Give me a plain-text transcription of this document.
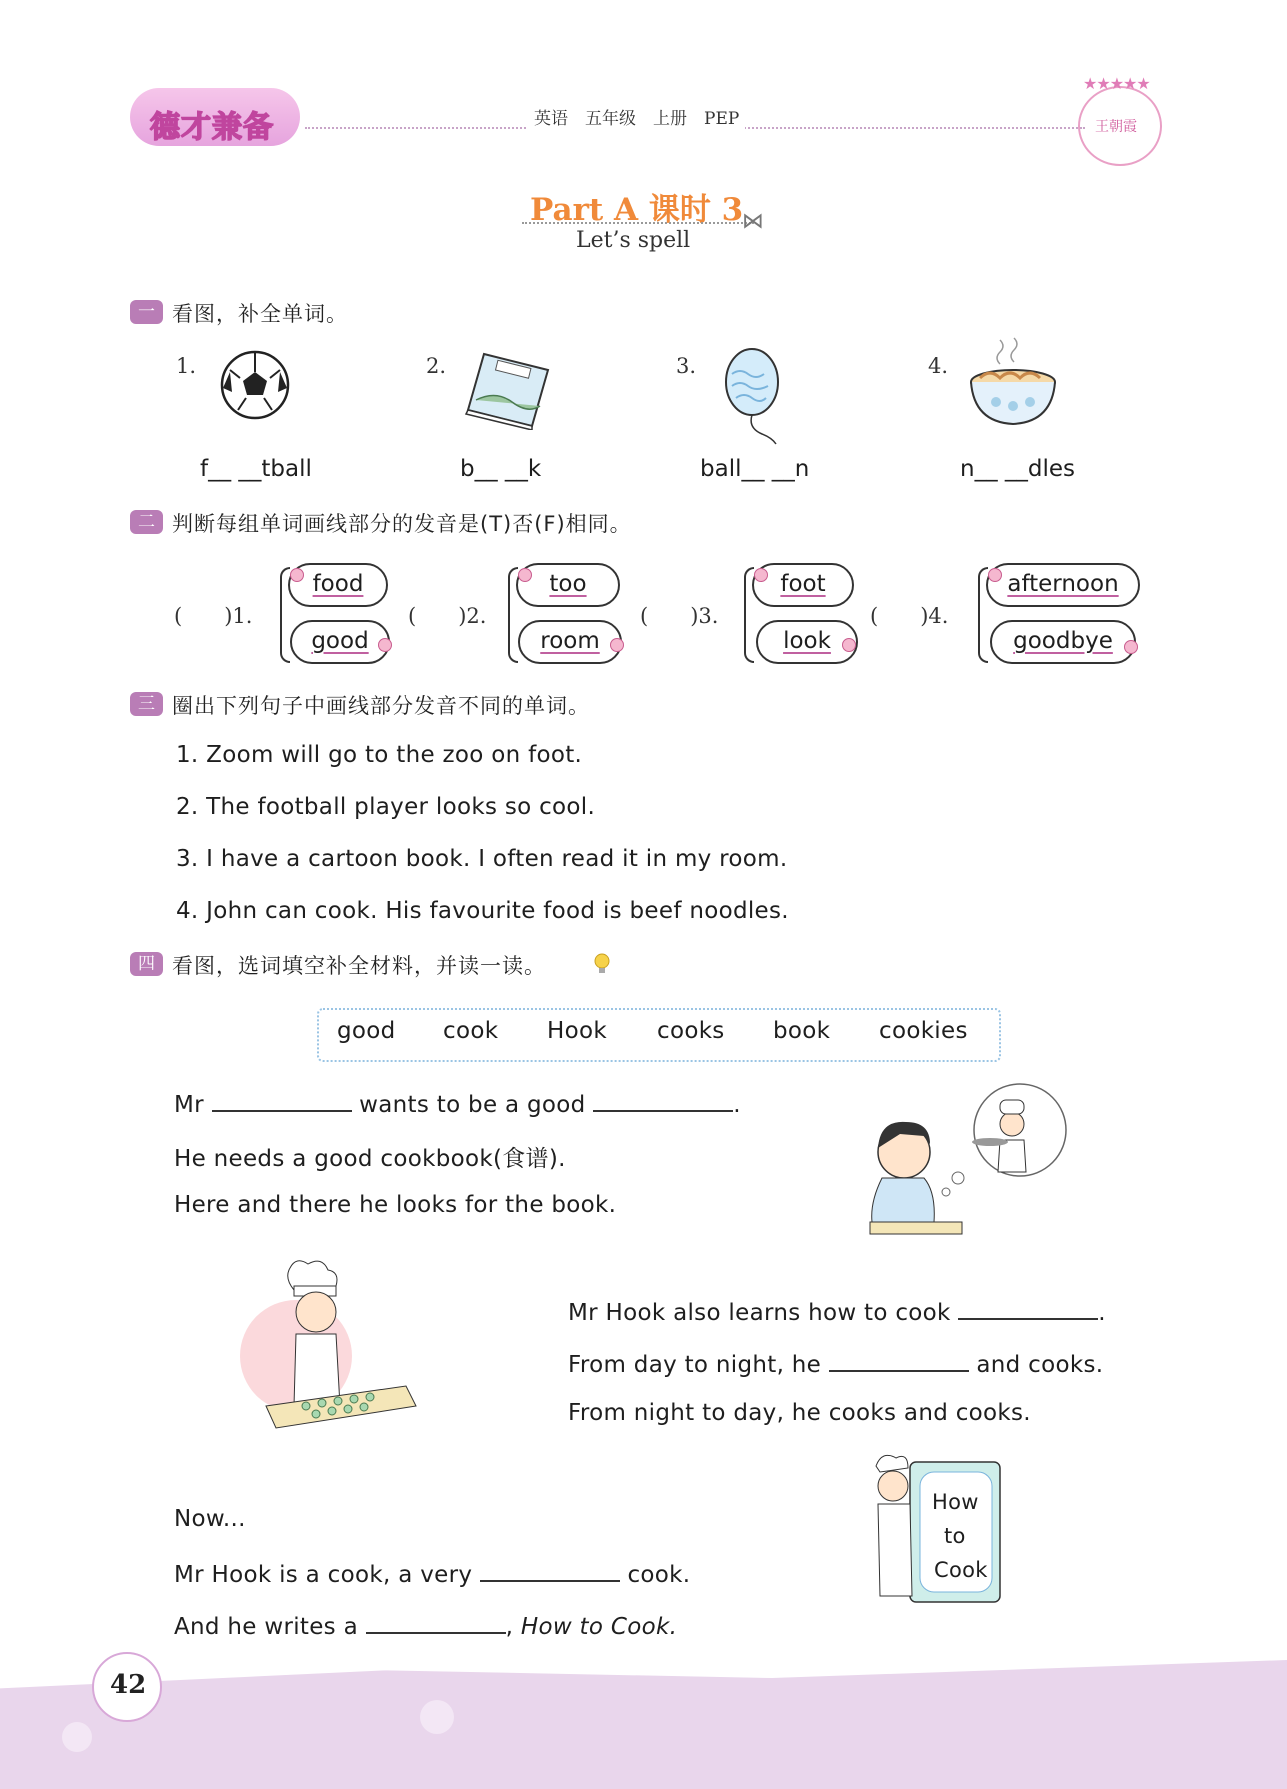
德才兼备	英语　五年级　上册　PEP
★★★★★
王朝霞
Part A 课时 3
⋈
Let’s spell
一 看图，补全单词。
1.
f__ __tball
2.
b__ __k
3.
ball__ __n
4.
n__ __dles
二 判断每组单词画线部分的发音是(T)否(F)相同。
(　　)1.
food
good
(　　)2.
too
room
(　　)3.
foot
look
(　　)4.
afternoon
goodbye
三 圈出下列句子中画线部分发音不同的单词。
1. Zoom will go to the zoo on foot.
2. The football player looks so cool.
3. I have a cartoon book. I often read it in my room.
4. John can cook. His favourite food is beef noodles.
四 看图，选词填空补全材料，并读一读。
good cook Hook cooks book cookies
Mr	wants to be a good	.
He needs a good cookbook(食谱).
Here and there he looks for the book.
Mr Hook also learns how to cook	.
From day to night, he	and cooks.
From night to day, he cooks and cooks.
How
to
Cook
Now...
Mr Hook is a cook, a very	cook.
And he writes a	, How to Cook.
42
